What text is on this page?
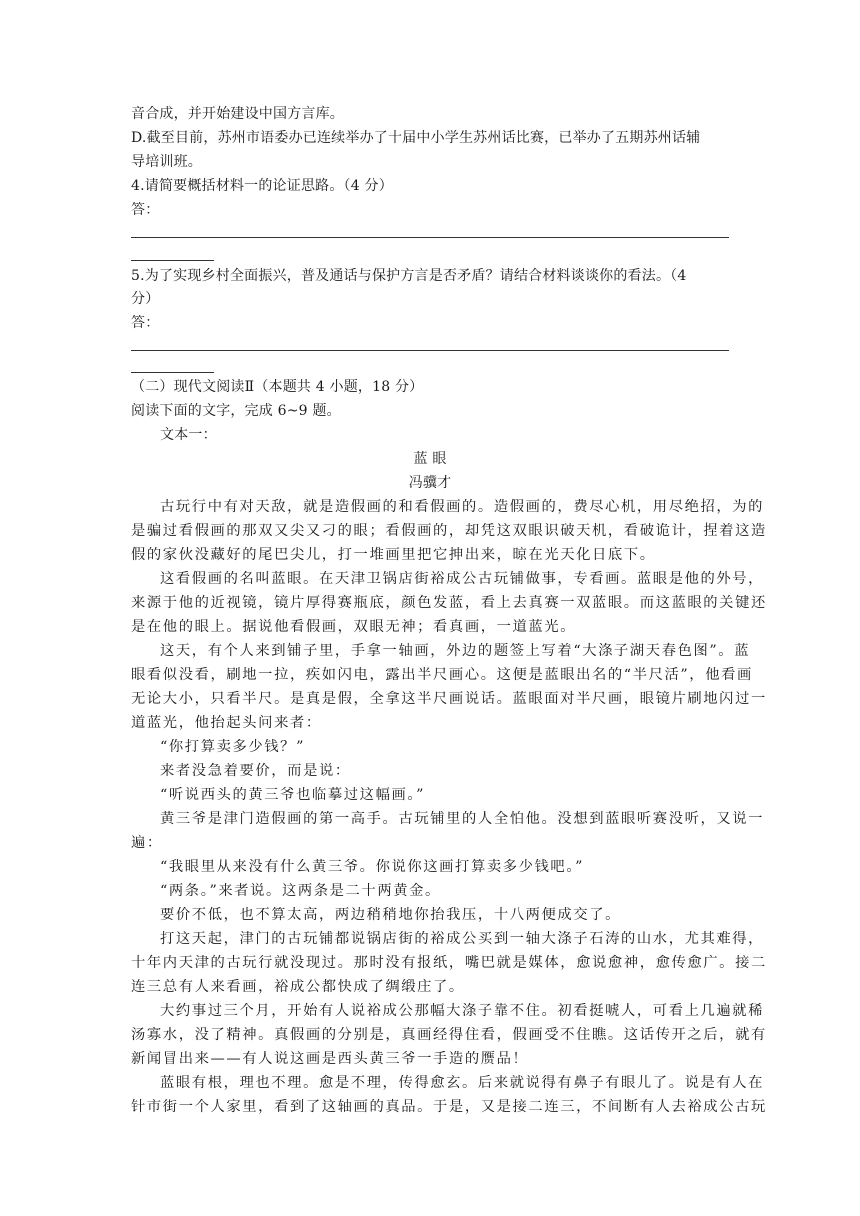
音合成，并开始建设中国方言库。
D.截至目前，苏州市语委办已连续举办了十届中小学生苏州话比赛，已举办了五期苏州话辅
导培训班。
4.请简要概括材料一的论证思路。（4 分）
答：
5.为了实现乡村全面振兴，普及通话与保护方言是否矛盾？请结合材料谈谈你的看法。（4
分）
答：
（二）现代文阅读Ⅱ（本题共 4 小题，18 分）
阅读下面的文字，完成 6~9 题。
文本一：
蓝 眼
冯骥才
古玩行中有对天敌，就是造假画的和看假画的。造假画的，费尽心机，用尽绝招，为的
是骗过看假画的那双又尖又刁的眼；看假画的，却凭这双眼识破天机，看破诡计，捏着这造
假的家伙没藏好的尾巴尖儿，打一堆画里把它抻出来，晾在光天化日底下。
这看假画的名叫蓝眼。在天津卫锅店街裕成公古玩铺做事，专看画。蓝眼是他的外号，
来源于他的近视镜，镜片厚得赛瓶底，颜色发蓝，看上去真赛一双蓝眼。而这蓝眼的关键还
是在他的眼上。据说他看假画，双眼无神；看真画，一道蓝光。
这天，有个人来到铺子里，手拿一轴画，外边的题签上写着“大涤子湖天春色图”。蓝
眼看似没看，刷地一拉，疾如闪电，露出半尺画心。这便是蓝眼出名的“半尺活”，他看画
无论大小，只看半尺。是真是假，全拿这半尺画说话。蓝眼面对半尺画，眼镜片刷地闪过一
道蓝光，他抬起头问来者：
“你打算卖多少钱？”
来者没急着要价，而是说：
“听说西头的黄三爷也临摹过这幅画。”
黄三爷是津门造假画的第一高手。古玩铺里的人全怕他。没想到蓝眼听赛没听，又说一
遍：
“我眼里从来没有什么黄三爷。你说你这画打算卖多少钱吧。”
“两条。”来者说。这两条是二十两黄金。
要价不低，也不算太高，两边稍稍地你抬我压，十八两便成交了。
打这天起，津门的古玩铺都说锅店街的裕成公买到一轴大涤子石涛的山水，尤其难得，
十年内天津的古玩行就没现过。那时没有报纸，嘴巴就是媒体，愈说愈神，愈传愈广。接二
连三总有人来看画，裕成公都快成了绸缎庄了。
大约事过三个月，开始有人说裕成公那幅大涤子靠不住。初看挺唬人，可看上几遍就稀
汤寡水，没了精神。真假画的分别是，真画经得住看，假画受不住瞧。这话传开之后，就有
新闻冒出来——有人说这画是西头黄三爷一手造的赝品！
蓝眼有根，理也不理。愈是不理，传得愈玄。后来就说得有鼻子有眼儿了。说是有人在
针市街一个人家里，看到了这轴画的真品。于是，又是接二连三，不间断有人去裕成公古玩
